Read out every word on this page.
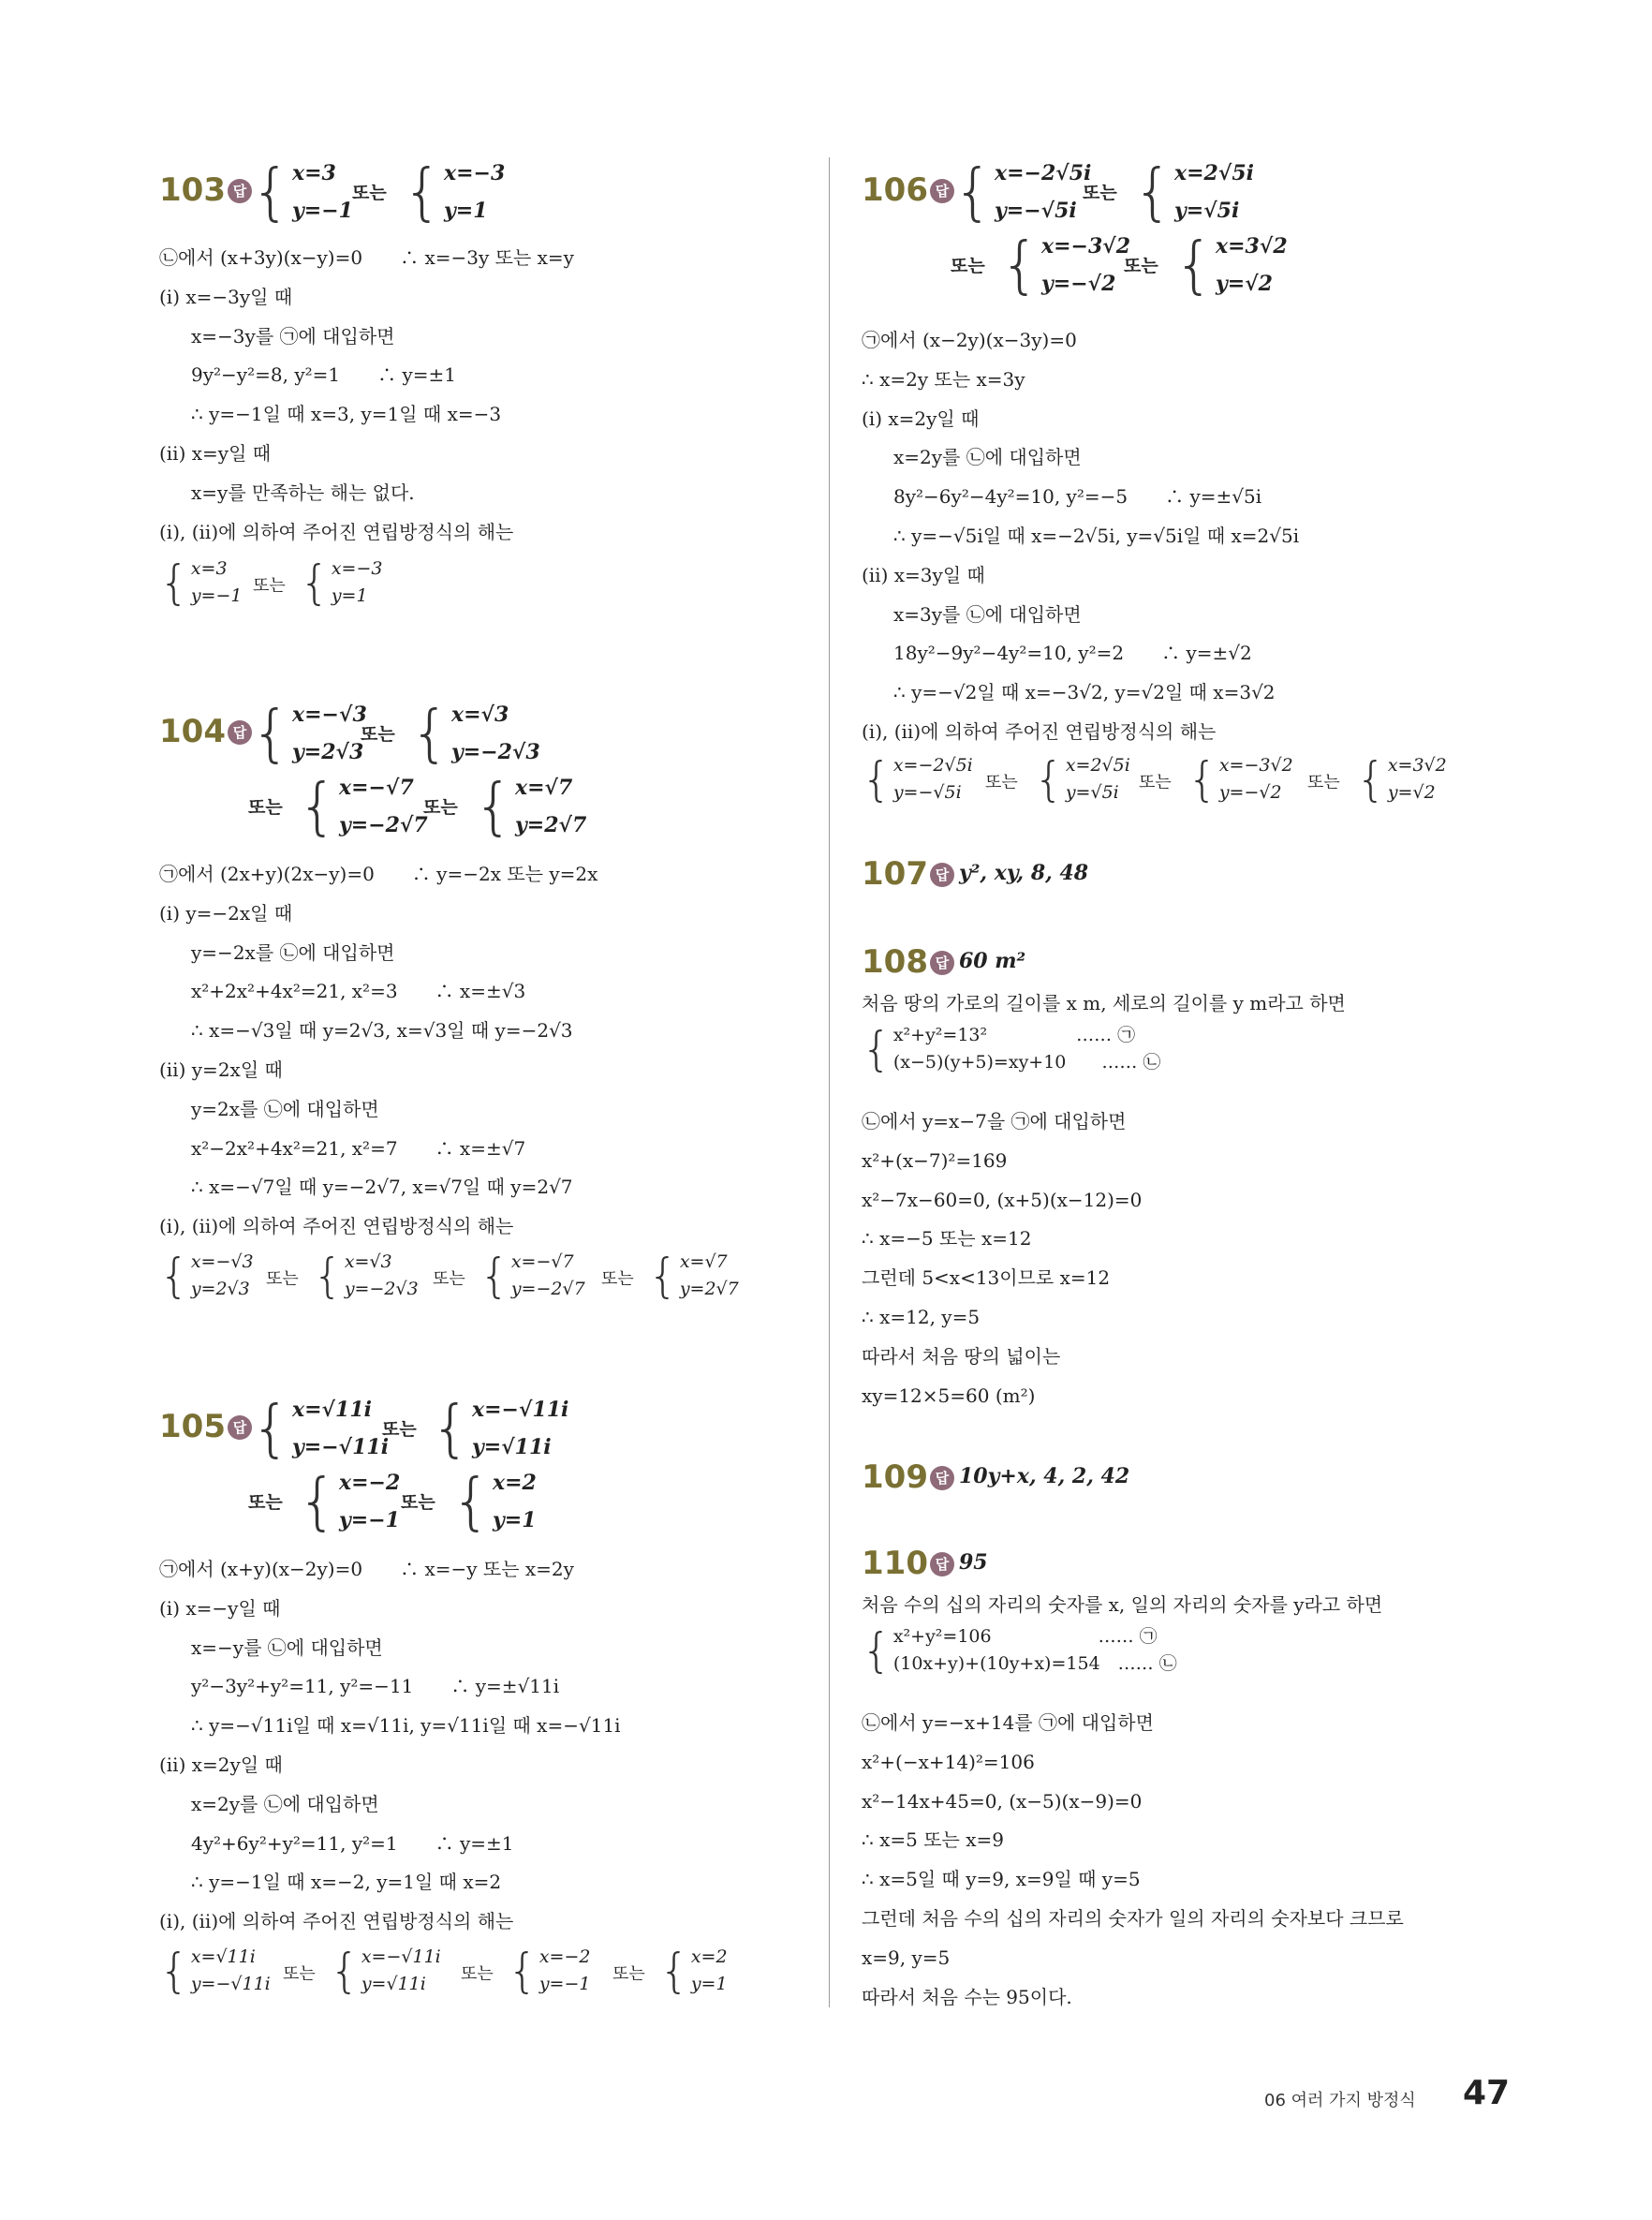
103 답 { x=3
y=−1
또는 { x=−3
y=1
㉡에서 (x+3y)(x−y)=0　　∴ x=−3y 또는 x=y
(ⅰ) x=−3y일 때
x=−3y를 ㉠에 대입하면
9y²−y²=8, y²=1　　∴ y=±1
∴ y=−1일 때 x=3, y=1일 때 x=−3
(ⅱ) x=y일 때
x=y를 만족하는 해는 없다.
(ⅰ), (ⅱ)에 의하여 주어진 연립방정식의 해는
{ x=3
y=−1 또는 { x=−3
y=1
104 답 { x=−√3
y=2√3
또는 { x=√3
y=−2√3
또는 { x=−√7
y=−2√7
또는 { x=√7
y=2√7
㉠에서 (2x+y)(2x−y)=0　　∴ y=−2x 또는 y=2x
(ⅰ) y=−2x일 때
y=−2x를 ㉡에 대입하면
x²+2x²+4x²=21, x²=3　　∴ x=±√3
∴ x=−√3일 때 y=2√3, x=√3일 때 y=−2√3
(ⅱ) y=2x일 때
y=2x를 ㉡에 대입하면
x²−2x²+4x²=21, x²=7　　∴ x=±√7
∴ x=−√7일 때 y=−2√7, x=√7일 때 y=2√7
(ⅰ), (ⅱ)에 의하여 주어진 연립방정식의 해는
{ x=−√3
y=2√3 또는 { x=√3
y=−2√3 또는 { x=−√7
y=−2√7 또는 { x=√7
y=2√7
105 답 { x=√11i
y=−√11i
또는 { x=−√11i
y=√11i
또는 { x=−2
y=−1
또는 { x=2
y=1
㉠에서 (x+y)(x−2y)=0　　∴ x=−y 또는 x=2y
(ⅰ) x=−y일 때
x=−y를 ㉡에 대입하면
y²−3y²+y²=11, y²=−11　　∴ y=±√11i
∴ y=−√11i일 때 x=√11i, y=√11i일 때 x=−√11i
(ⅱ) x=2y일 때
x=2y를 ㉡에 대입하면
4y²+6y²+y²=11, y²=1　　∴ y=±1
∴ y=−1일 때 x=−2, y=1일 때 x=2
(ⅰ), (ⅱ)에 의하여 주어진 연립방정식의 해는
{ x=√11i
y=−√11i 또는 { x=−√11i
y=√11i	또는 { x=−2
y=−1 또는 { x=2
y=1
106 답 { x=−2√5i
y=−√5i
또는 { x=2√5i
y=√5i
또는 { x=−3√2
y=−√2
또는 { x=3√2
y=√2
㉠에서 (x−2y)(x−3y)=0
∴ x=2y 또는 x=3y
(ⅰ) x=2y일 때
x=2y를 ㉡에 대입하면
8y²−6y²−4y²=10, y²=−5　　∴ y=±√5i
∴ y=−√5i일 때 x=−2√5i, y=√5i일 때 x=2√5i
(ⅱ) x=3y일 때
x=3y를 ㉡에 대입하면
18y²−9y²−4y²=10, y²=2　　∴ y=±√2
∴ y=−√2일 때 x=−3√2, y=√2일 때 x=3√2
(ⅰ), (ⅱ)에 의하여 주어진 연립방정식의 해는
{ x=−2√5i
y=−√5i	또는 { x=2√5i
y=√5i	또는 { x=−3√2
y=−√2	또는 { x=3√2
y=√2
107 답 y², xy, 8, 48
108 답 60 m²
처음 땅의 가로의 길이를 x m, 세로의 길이를 y m라고 하면
{ x²+y²=13²　　　　　…… ㉠
(x−5)(y+5)=xy+10　　…… ㉡
㉡에서 y=x−7을 ㉠에 대입하면
x²+(x−7)²=169
x²−7x−60=0, (x+5)(x−12)=0
∴ x=−5 또는 x=12
그런데 5<x<13이므로 x=12
∴ x=12, y=5
따라서 처음 땅의 넓이는
xy=12×5=60 (m²)
109 답 10y+x, 4, 2, 42
110 답 95
처음 수의 십의 자리의 숫자를 x, 일의 자리의 숫자를 y라고 하면
{ x²+y²=106　　　　　　…… ㉠
(10x+y)+(10y+x)=154　…… ㉡
㉡에서 y=−x+14를 ㉠에 대입하면
x²+(−x+14)²=106
x²−14x+45=0, (x−5)(x−9)=0
∴ x=5 또는 x=9
∴ x=5일 때 y=9, x=9일 때 y=5
그런데 처음 수의 십의 자리의 숫자가 일의 자리의 숫자보다 크므로
x=9, y=5
따라서 처음 수는 95이다.
06 여러 가지 방정식 47
